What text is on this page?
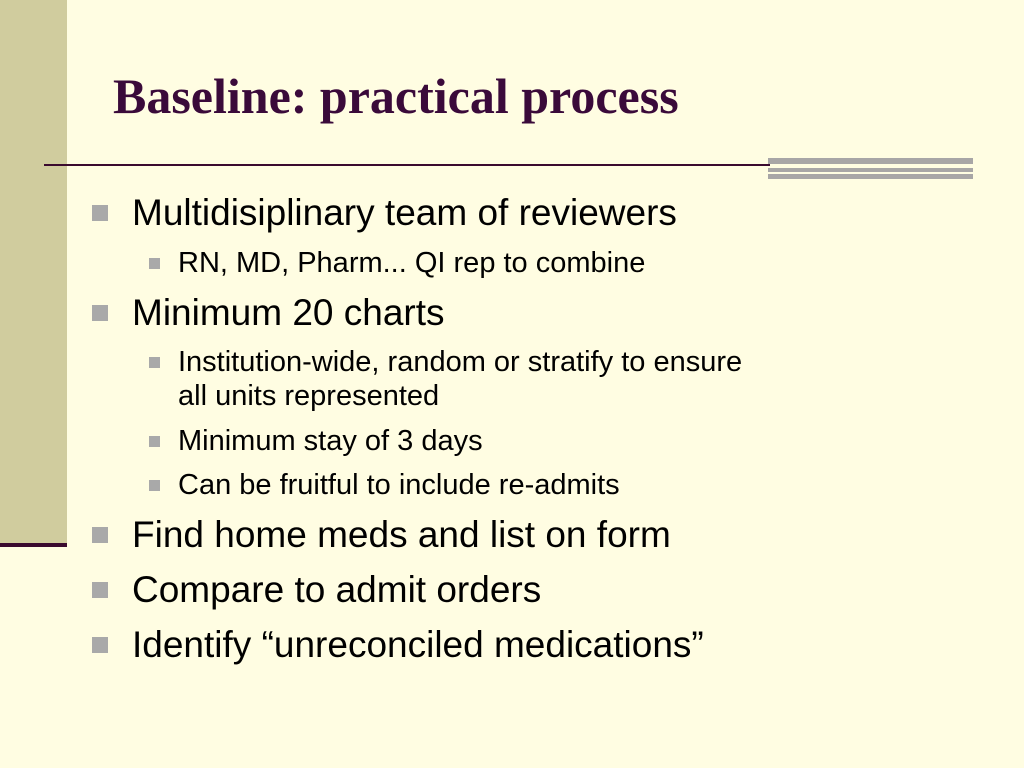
Baseline: practical process
Multidisiplinary team of reviewers
RN, MD, Pharm... QI rep to combine
Minimum 20 charts
Institution-wide, random or stratify to ensure
all units represented
Minimum stay of 3 days
Can be fruitful to include re-admits
Find home meds and list on form
Compare to admit orders
Identify “unreconciled medications”
